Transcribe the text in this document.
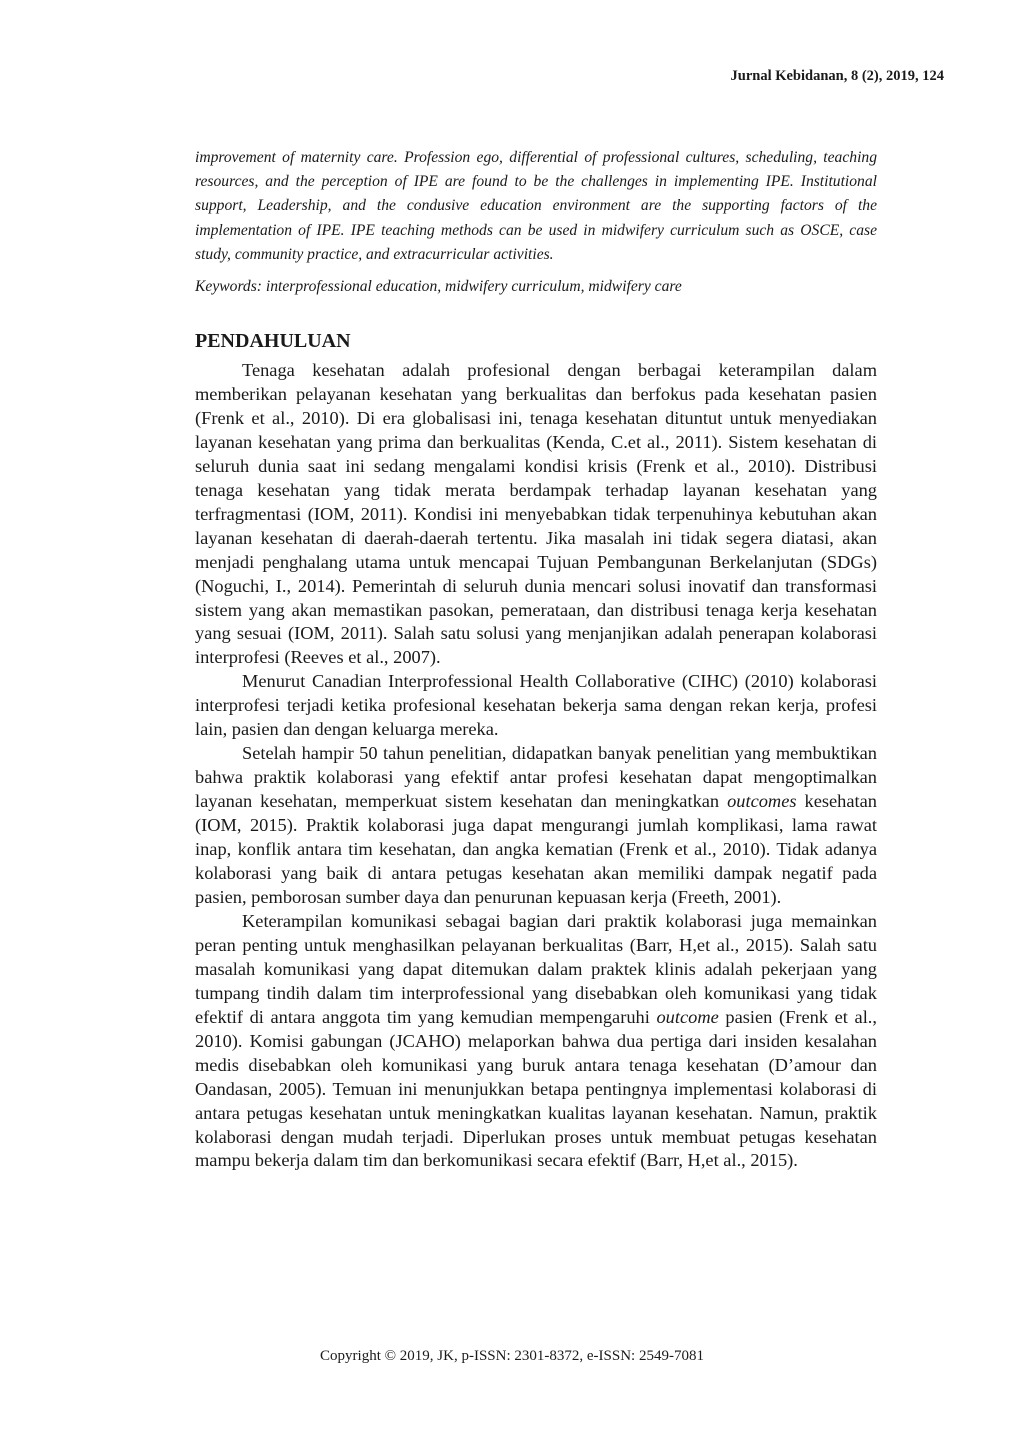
Jurnal Kebidanan, 8 (2), 2019, 124

improvement of maternity care. Profession ego, differential of professional cultures, scheduling, teaching resources, and the perception of IPE are found to be the challenges in implementing IPE. Institutional support, Leadership, and the condusive education environment are the supporting factors of the implementation of IPE. IPE teaching methods can be used in midwifery curriculum such as OSCE, case study, community practice, and extracurricular activities.

Keywords: interprofessional education, midwifery curriculum, midwifery care
PENDAHULUAN

Tenaga kesehatan adalah profesional dengan berbagai keterampilan dalam memberikan pelayanan kesehatan yang berkualitas dan berfokus pada kesehatan pasien (Frenk et al., 2010). Di era globalisasi ini, tenaga kesehatan dituntut untuk menyediakan layanan kesehatan yang prima dan berkualitas (Kenda, C.et al., 2011). Sistem kesehatan di seluruh dunia saat ini sedang mengalami kondisi krisis (Frenk et al., 2010). Distribusi tenaga kesehatan yang tidak merata berdampak terhadap layanan kesehatan yang terfragmentasi (IOM, 2011). Kondisi ini menyebabkan tidak terpenuhinya kebutuhan akan layanan kesehatan di daerah-daerah tertentu. Jika masalah ini tidak segera diatasi, akan menjadi penghalang utama untuk mencapai Tujuan Pembangunan Berkelanjutan (SDGs) (Noguchi, I., 2014). Pemerintah di seluruh dunia mencari solusi inovatif dan transformasi sistem yang akan memastikan pasokan, pemerataan, dan distribusi tenaga kerja kesehatan yang sesuai (IOM, 2011). Salah satu solusi yang menjanjikan adalah penerapan kolaborasi interprofesi (Reeves et al., 2007).

Menurut Canadian Interprofessional Health Collaborative (CIHC) (2010) kolaborasi interprofesi terjadi ketika profesional kesehatan bekerja sama dengan rekan kerja, profesi lain, pasien dan dengan keluarga mereka.

Setelah hampir 50 tahun penelitian, didapatkan banyak penelitian yang membuktikan bahwa praktik kolaborasi yang efektif antar profesi kesehatan dapat mengoptimalkan layanan kesehatan, memperkuat sistem kesehatan dan meningkatkan outcomes kesehatan (IOM, 2015). Praktik kolaborasi juga dapat mengurangi jumlah komplikasi, lama rawat inap, konflik antara tim kesehatan, dan angka kematian (Frenk et al., 2010). Tidak adanya kolaborasi yang baik di antara petugas kesehatan akan memiliki dampak negatif pada pasien, pemborosan sumber daya dan penurunan kepuasan kerja (Freeth, 2001).

Keterampilan komunikasi sebagai bagian dari praktik kolaborasi juga memainkan peran penting untuk menghasilkan pelayanan berkualitas (Barr, H,et al., 2015). Salah satu masalah komunikasi yang dapat ditemukan dalam praktek klinis adalah pekerjaan yang tumpang tindih dalam tim interprofessional yang disebabkan oleh komunikasi yang tidak efektif di antara anggota tim yang kemudian mempengaruhi outcome pasien (Frenk et al., 2010). Komisi gabungan (JCAHO) melaporkan bahwa dua pertiga dari insiden kesalahan medis disebabkan oleh komunikasi yang buruk antara tenaga kesehatan (D’amour dan Oandasan, 2005). Temuan ini menunjukkan betapa pentingnya implementasi kolaborasi di antara petugas kesehatan untuk meningkatkan kualitas layanan kesehatan. Namun, praktik kolaborasi dengan mudah terjadi. Diperlukan proses untuk membuat petugas kesehatan mampu bekerja dalam tim dan berkomunikasi secara efektif (Barr, H,et al., 2015).

Copyright © 2019, JK, p-ISSN: 2301-8372, e-ISSN: 2549-7081
